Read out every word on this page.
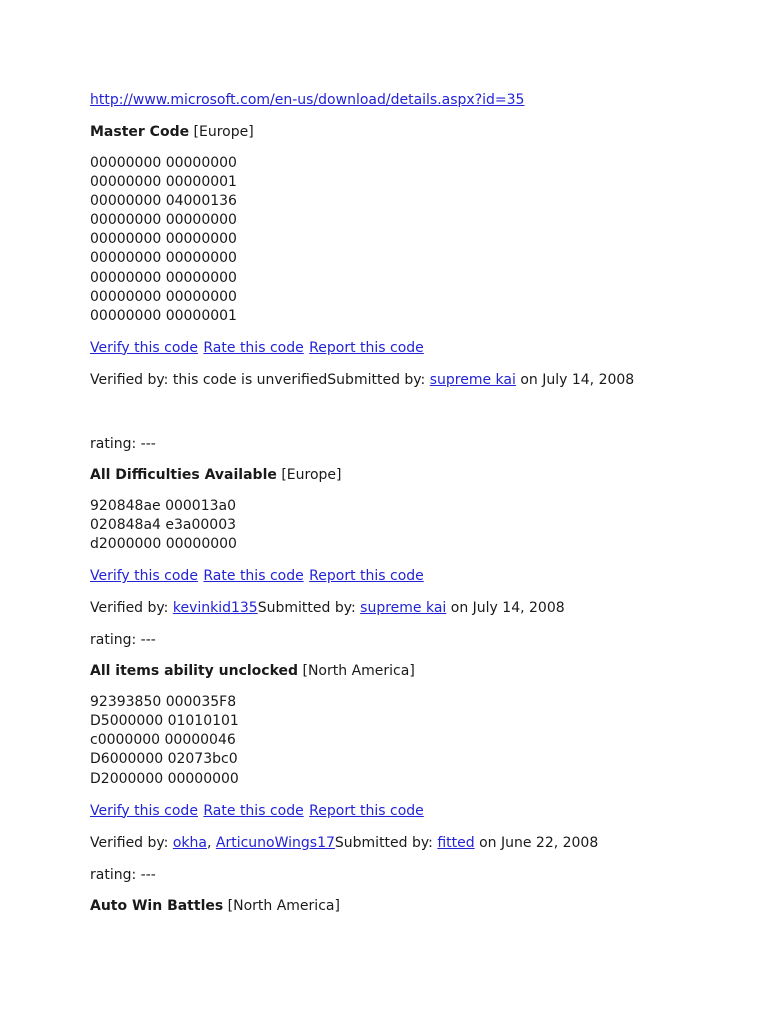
http://www.microsoft.com/en-us/download/details.aspx?id=35
Master Code [Europe]
00000000 00000000
00000000 00000001
00000000 04000136
00000000 00000000
00000000 00000000
00000000 00000000
00000000 00000000
00000000 00000000
00000000 00000001
Verify this code Rate this code Report this code
Verified by: this code is unverifiedSubmitted by: supreme kai on July 14, 2008
rating: ---
All Difficulties Available [Europe]
920848ae 000013a0
020848a4 e3a00003
d2000000 00000000
Verify this code Rate this code Report this code
Verified by: kevinkid135Submitted by: supreme kai on July 14, 2008
rating: ---
All items ability unclocked [North America]
92393850 000035F8
D5000000 01010101
c0000000 00000046
D6000000 02073bc0
D2000000 00000000
Verify this code Rate this code Report this code
Verified by: okha, ArticunoWings17Submitted by: fitted on June 22, 2008
rating: ---
Auto Win Battles [North America]
